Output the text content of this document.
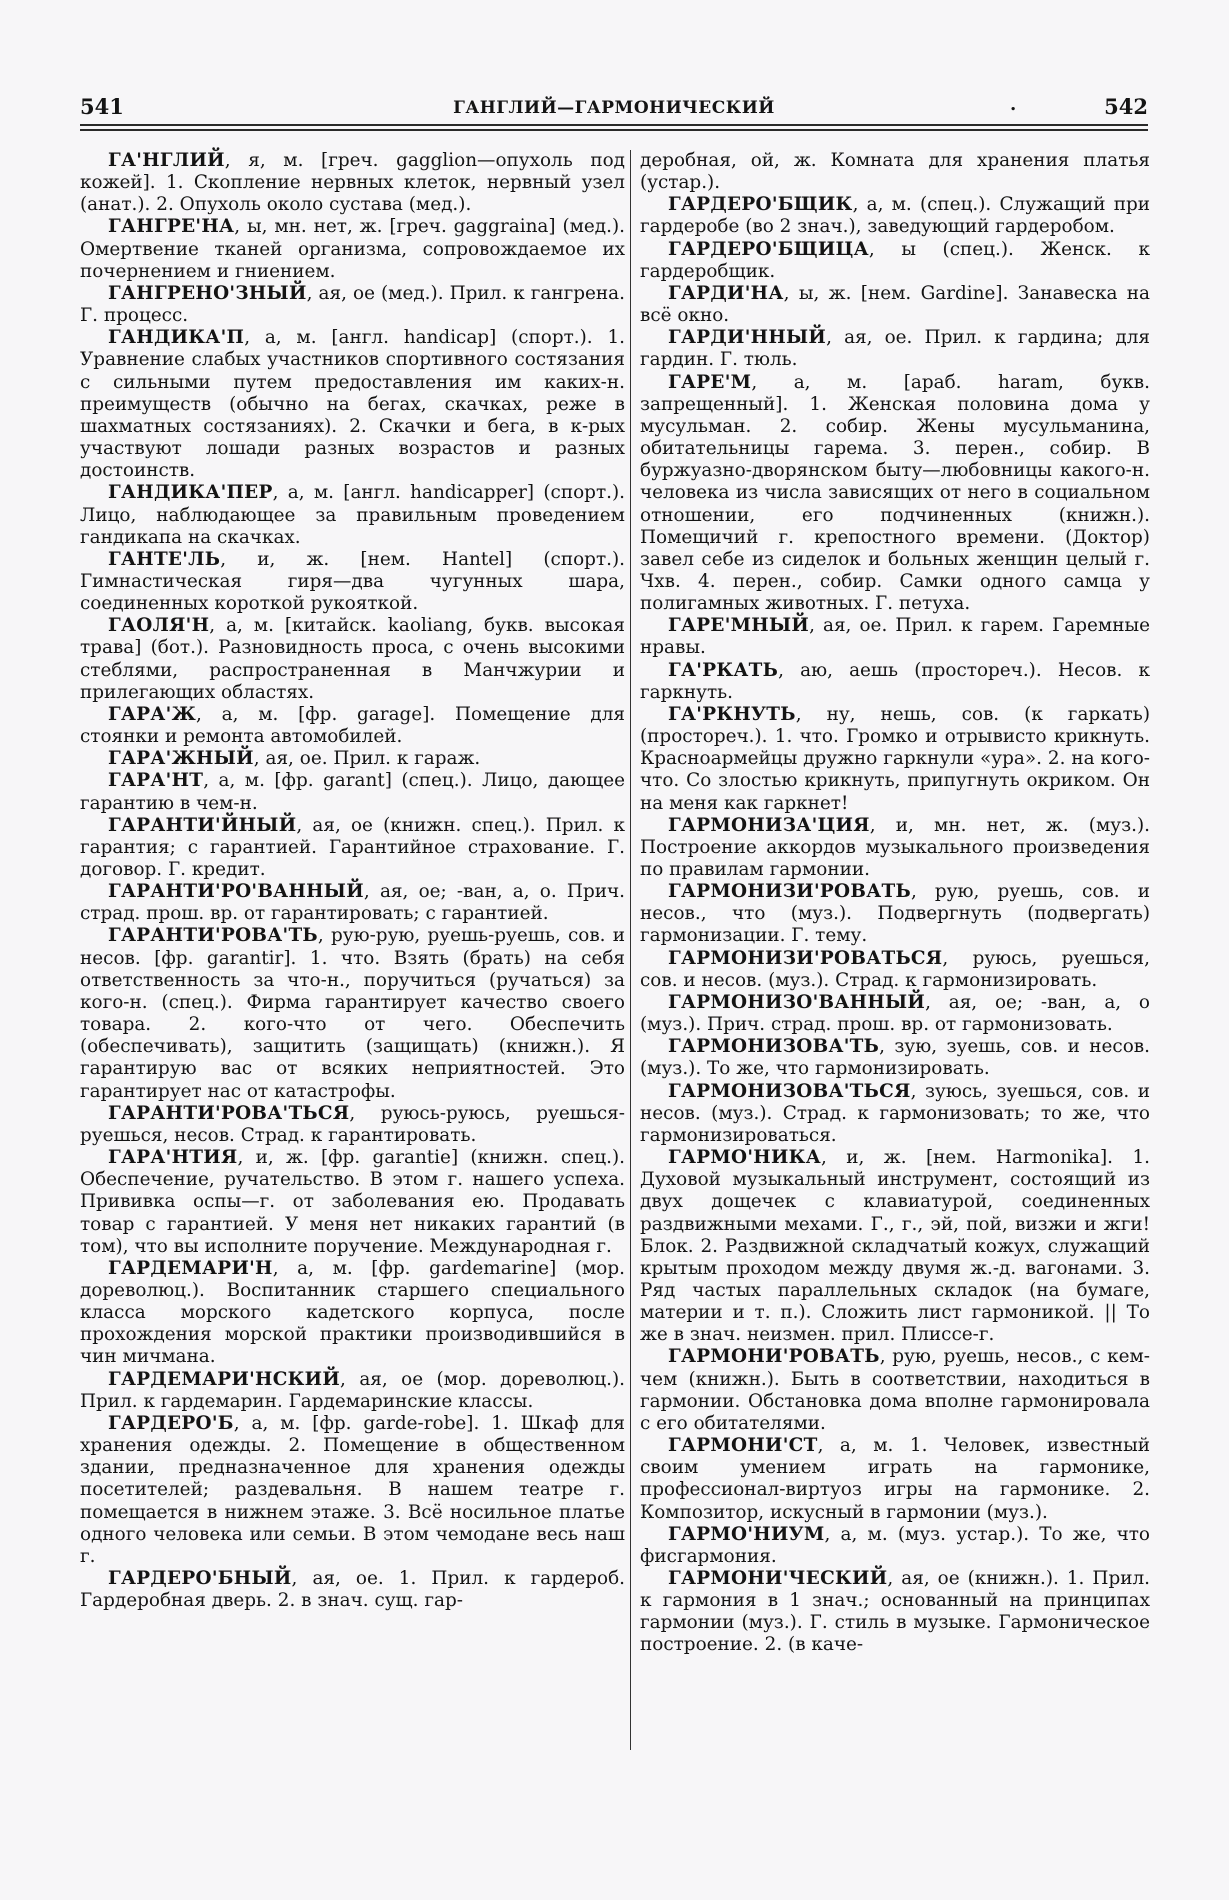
541	ГАНГЛИЙ—ГАРМОНИЧЕСКИЙ	.	542

ГА'НГЛИЙ, я, м. [греч. gagglion—опухоль под кожей]. 1. Скопление нервных клеток, нервный узел (анат.). 2. Опухоль около сустава (мед.).

ГАНГРЕ'НА, ы, мн. нет, ж. [греч. gaggraina] (мед.). Омертвение тканей организма, сопровождаемое их почернением и гниением.

ГАНГРЕНО'ЗНЫЙ, ая, ое (мед.). Прил. к гангрена. Г. процесс.

ГАНДИКА'П, а, м. [англ. handicap] (спорт.). 1. Уравнение слабых участников спортивного состязания с сильными путем предоставления им каких-н. преимуществ (обычно на бегах, скачках, реже в шахматных состязаниях). 2. Скачки и бега, в к-рых участвуют лошади разных возрастов и разных достоинств.

ГАНДИКА'ПЕР, а, м. [англ. handicapper] (спорт.). Лицо, наблюдающее за правильным проведением гандикапа на скачках.

ГАНТЕ'ЛЬ, и, ж. [нем. Hantel] (спорт.). Гимнастическая гиря—два чугунных шара, соединенных короткой рукояткой.

ГАОЛЯ'Н, а, м. [китайск. kaoliang, букв. высокая трава] (бот.). Разновидность проса, с очень высокими стеблями, распространенная в Манчжурии и прилегающих областях.

ГАРА'Ж, а, м. [фр. garage]. Помещение для стоянки и ремонта автомобилей.

ГАРА'ЖНЫЙ, ая, ое. Прил. к гараж.

ГАРА'НТ, а, м. [фр. garant] (спец.). Лицо, дающее гарантию в чем-н.

ГАРАНТИ'ЙНЫЙ, ая, ое (книжн. спец.). Прил. к гарантия; с гарантией. Гарантийное страхование. Г. договор. Г. кредит.

ГАРАНТИ'РО'ВАННЫЙ, ая, ое; -ван, а, о. Прич. страд. прош. вр. от гарантировать; с гарантией.

ГАРАНТИ'РОВА'ТЬ, рую-рую, руешь-руешь, сов. и несов. [фр. garantir]. 1. что. Взять (брать) на себя ответственность за что-н., поручиться (ручаться) за кого-н. (спец.). Фирма гарантирует качество своего товара. 2. кого-что от чего. Обеспечить (обеспечивать), защитить (защищать) (книжн.). Я гарантирую вас от всяких неприятностей. Это гарантирует нас от катастрофы.

ГАРАНТИ'РОВА'ТЬСЯ, руюсь-руюсь, руешься-руешься, несов. Страд. к гарантировать.

ГАРА'НТИЯ, и, ж. [фр. garantie] (книжн. спец.). Обеспечение, ручательство. В этом г. нашего успеха. Прививка оспы—г. от заболевания ею. Продавать товар с гарантией. У меня нет никаких гарантий (в том), что вы исполните поручение. Международная г.

ГАРДЕМАРИ'Н, а, м. [фр. gardemarine] (мор. дореволюц.). Воспитанник старшего специального класса морского кадетского корпуса, после прохождения морской практики производившийся в чин мичмана.

ГАРДЕМАРИ'НСКИЙ, ая, ое (мор. дореволюц.). Прил. к гардемарин. Гардемаринские классы.

ГАРДЕРО'Б, а, м. [фр. garde-robe]. 1. Шкаф для хранения одежды. 2. Помещение в общественном здании, предназначенное для хранения одежды посетителей; раздевальня. В нашем театре г. помещается в нижнем этаже. 3. Всё носильное платье одного человека или семьи. В этом чемодане весь наш г.

ГАРДЕРО'БНЫЙ, ая, ое. 1. Прил. к гардероб. Гардеробная дверь. 2. в знач. сущ. гар-

деробная, ой, ж. Комната для хранения платья (устар.).

ГАРДЕРО'БЩИК, а, м. (спец.). Служащий при гардеробе (во 2 знач.), заведующий гардеробом.

ГАРДЕРО'БЩИЦА, ы (спец.). Женск. к гардеробщик.

ГАРДИ'НА, ы, ж. [нем. Gardine]. Занавеска на всё окно.

ГАРДИ'ННЫЙ, ая, ое. Прил. к гардина; для гардин. Г. тюль.

ГАРЕ'М, а, м. [араб. haram, букв. запрещенный]. 1. Женская половина дома у мусульман. 2. собир. Жены мусульманина, обитательницы гарема. 3. перен., собир. В буржуазно-дворянском быту—любовницы какого-н. человека из числа зависящих от него в социальном отношении, его подчиненных (книжн.). Помещичий г. крепостного времени. (Доктор) завел себе из сиделок и больных женщин целый г. Чхв. 4. перен., собир. Самки одного самца у полигамных животных. Г. петуха.

ГАРЕ'МНЫЙ, ая, ое. Прил. к гарем. Гаремные нравы.

ГА'РКАТЬ, аю, аешь (простореч.). Несов. к гаркнуть.

ГА'РКНУТЬ, ну, нешь, сов. (к гаркать) (простореч.). 1. что. Громко и отрывисто крикнуть. Красноармейцы дружно гаркнули «ура». 2. на кого-что. Со злостью крикнуть, припугнуть окриком. Он на меня как гаркнет!

ГАРМОНИЗА'ЦИЯ, и, мн. нет, ж. (муз.). Построение аккордов музыкального произведения по правилам гармонии.

ГАРМОНИЗИ'РОВАТЬ, рую, руешь, сов. и несов., что (муз.). Подвергнуть (подвергать) гармонизации. Г. тему.

ГАРМОНИЗИ'РОВАТЬСЯ, руюсь, руешься, сов. и несов. (муз.). Страд. к гармонизировать.

ГАРМОНИЗО'ВАННЫЙ, ая, ое; -ван, а, о (муз.). Прич. страд. прош. вр. от гармонизовать.

ГАРМОНИЗОВА'ТЬ, зую, зуешь, сов. и несов. (муз.). То же, что гармонизировать.

ГАРМОНИЗОВА'ТЬСЯ, зуюсь, зуешься, сов. и несов. (муз.). Страд. к гармонизовать; то же, что гармонизироваться.

ГАРМО'НИКА, и, ж. [нем. Harmonika]. 1. Духовой музыкальный инструмент, состоящий из двух дощечек с клавиатурой, соединенных раздвижными мехами. Г., г., эй, пой, визжи и жги! Блок. 2. Раздвижной складчатый кожух, служащий крытым проходом между двумя ж.-д. вагонами. 3. Ряд частых параллельных складок (на бумаге, материи и т. п.). Сложить лист гармоникой. || То же в знач. неизмен. прил. Плиссе-г.

ГАРМОНИ'РОВАТЬ, рую, руешь, несов., с кем-чем (книжн.). Быть в соответствии, находиться в гармонии. Обстановка дома вполне гармонировала с его обитателями.

ГАРМОНИ'СТ, а, м. 1. Человек, известный своим умением играть на гармонике, профессионал-виртуоз игры на гармонике. 2. Композитор, искусный в гармонии (муз.).

ГАРМО'НИУМ, а, м. (муз. устар.). То же, что фисгармония.

ГАРМОНИ'ЧЕСКИЙ, ая, ое (книжн.). 1. Прил. к гармония в 1 знач.; основанный на принципах гармонии (муз.). Г. стиль в музыке. Гармоническое построение. 2. (в каче-
